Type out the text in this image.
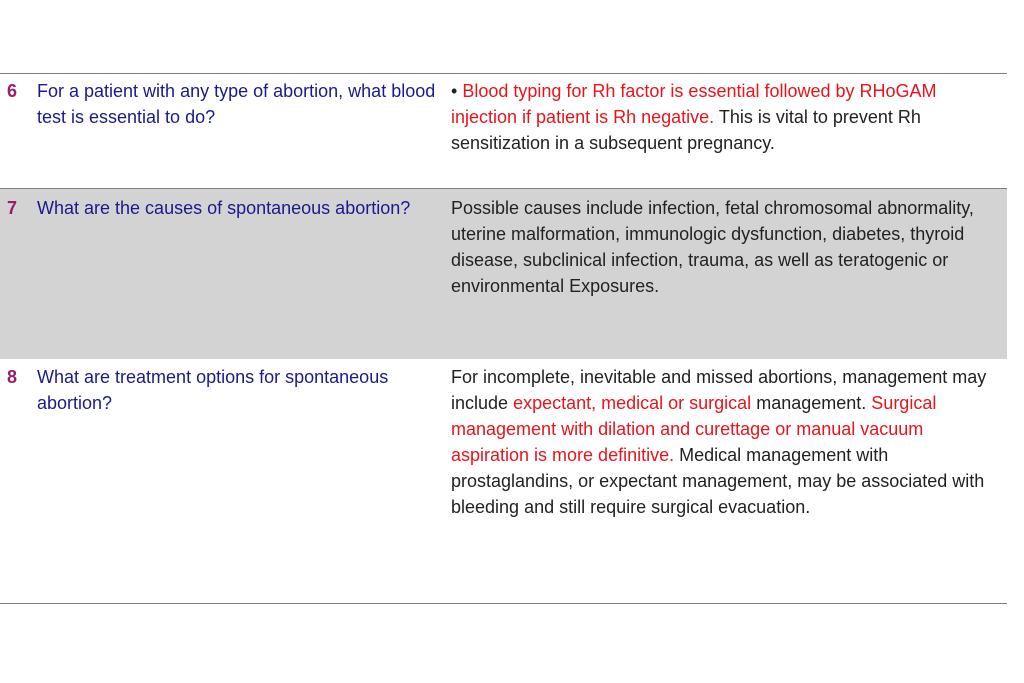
6 For a patient with any type of abortion, what blood test is essential to do?
• Blood typing for Rh factor is essential followed by RHoGAM injection if patient is Rh negative. This is vital to prevent Rh sensitization in a subsequent pregnancy.
7 What are the causes of spontaneous abortion?	Possible causes include infection, fetal chromosomal abnormality, uterine malformation, immunologic dysfunction, diabetes, thyroid disease, subclinical infection, trauma, as well as teratogenic or environmental Exposures.
8 What are treatment options for spontaneous abortion?
For incomplete, inevitable and missed abortions, management may include expectant, medical or surgical management. Surgical management with dilation and curettage or manual vacuum aspiration is more definitive. Medical management with prostaglandins, or expectant management, may be associated with bleeding and still require surgical evacuation.
